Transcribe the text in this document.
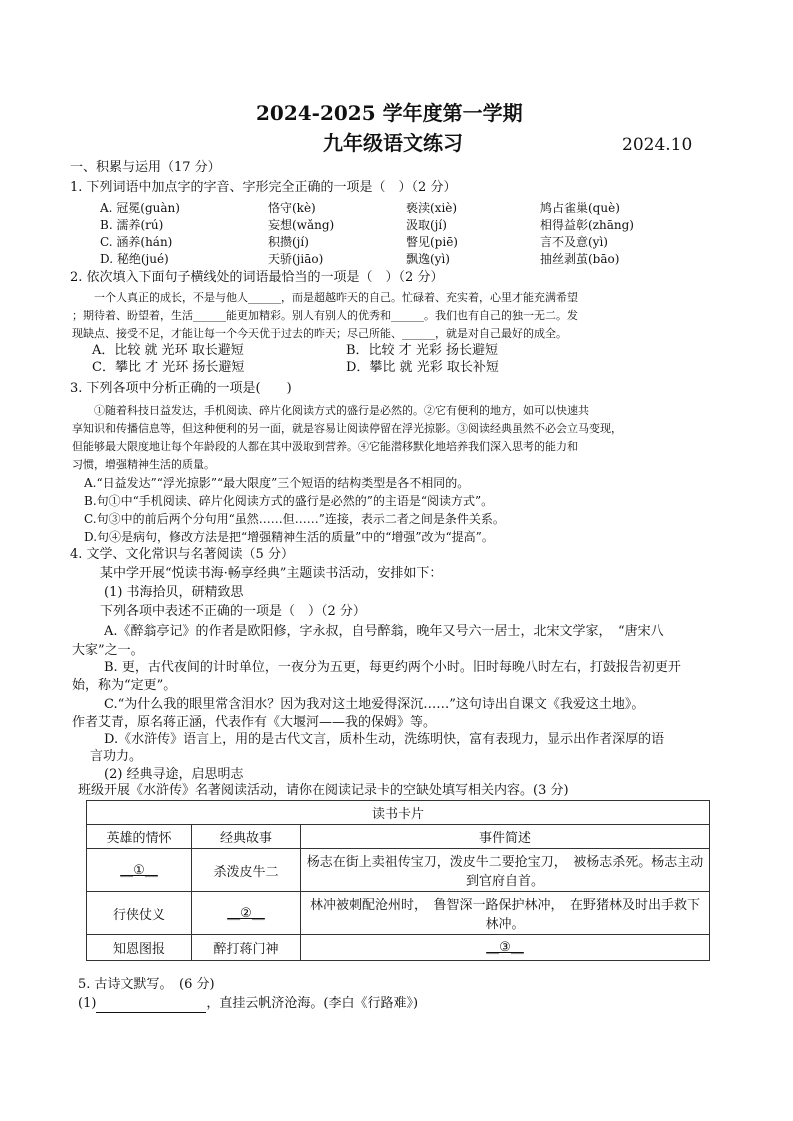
2024-2025 学年度第一学期
九年级语文练习	2024.10
一、积累与运用（17 分）
1. 下列词语中加点字的字音、字形完全正确的一项是（　）（2 分）
A. 冠冕(guàn)	恪守(kè)	亵渎(xiè)	鸠占雀巢(què)
B. 濡养(rú)	妄想(wǎng)	汲取(jí)	相得益彰(zhāng)
C. 涵养(hán)	积攒(jí)	瞥见(piē)	言不及意(yì)
D. 秘绝(jué)	天骄(jiāo)	飘逸(yì)	抽丝剥茧(bāo)
2. 依次填入下面句子横线处的词语最恰当的一项是（　）（2 分）
一个人真正的成长，不是与他人______，而是超越昨天的自己。忙碌着、充实着，心里才能充满希望
；期待着、盼望着，生活______能更加精彩。别人有别人的优秀和______。我们也有自己的独一无二。发
现缺点、接受不足，才能让每一个今天优于过去的昨天；尽己所能、______，就是对自己最好的成全。
A．比较 就 光环 取长避短	B．比较 才 光彩 扬长避短
C．攀比 才 光环 扬长避短	D．攀比 就 光彩 取长补短
3. 下列各项中分析正确的一项是(　　)
①随着科技日益发达，手机阅读、碎片化阅读方式的盛行是必然的。②它有便利的地方，如可以快速共
享知识和传播信息等，但这种便利的另一面，就是容易让阅读停留在浮光掠影。③阅读经典虽然不必会立马变现，
但能够最大限度地让每个年龄段的人都在其中汲取到营养。④它能潜移默化地培养我们深入思考的能力和
习惯，增强精神生活的质量。
A.“日益发达”“浮光掠影”“最大限度”三个短语的结构类型是各不相同的。
B.句①中“手机阅读、碎片化阅读方式的盛行是必然的”的主语是“阅读方式”。
C.句③中的前后两个分句用“虽然……但……”连接，表示二者之间是条件关系。
D.句④是病句，修改方法是把“增强精神生活的质量”中的“增强”改为“提高”。
4. 文学、文化常识与名著阅读（5 分）
某中学开展“悦读书海·畅享经典”主题读书活动，安排如下：
(1) 书海拾贝，研精致思
下列各项中表述不正确的一项是（　）（2 分）
A.《醉翁亭记》的作者是欧阳修，字永叔，自号醉翁，晚年又号六一居士，北宋文学家，　“唐宋八
大家”之一。
B. 更，古代夜间的计时单位，一夜分为五更，每更约两个小时。旧时每晚八时左右，打鼓报告初更开
始，称为“定更”。
C.“为什么我的眼里常含泪水？因为我对这土地爱得深沉……”这句诗出自课文《我爱这土地》。
作者艾青，原名蒋正涵，代表作有《大堰河——我的保姆》等。
D.《水浒传》语言上，用的是古代文言，质朴生动，洗练明快，富有表现力，显示出作者深厚的语
言功力。
(2) 经典寻途，启思明志
班级开展《水浒传》名著阅读活动，请你在阅读记录卡的空缺处填写相关内容。(3 分)
读书卡片		
英雄的情怀	经典故事	事件简述
__①__	杀泼皮牛二	杨志在街上卖祖传宝刀，泼皮牛二要抢宝刀，　被杨志杀死。杨志主动到官府自首。
行侠仗义	__②__	林冲被刺配沧州时，　鲁智深一路保护林冲，　在野猪林及时出手救下林冲。
知恩图报	醉打蒋门神	__③__
5. 古诗文默写。　(6 分)
(1)	，直挂云帆济沧海。(李白《行路难》)
